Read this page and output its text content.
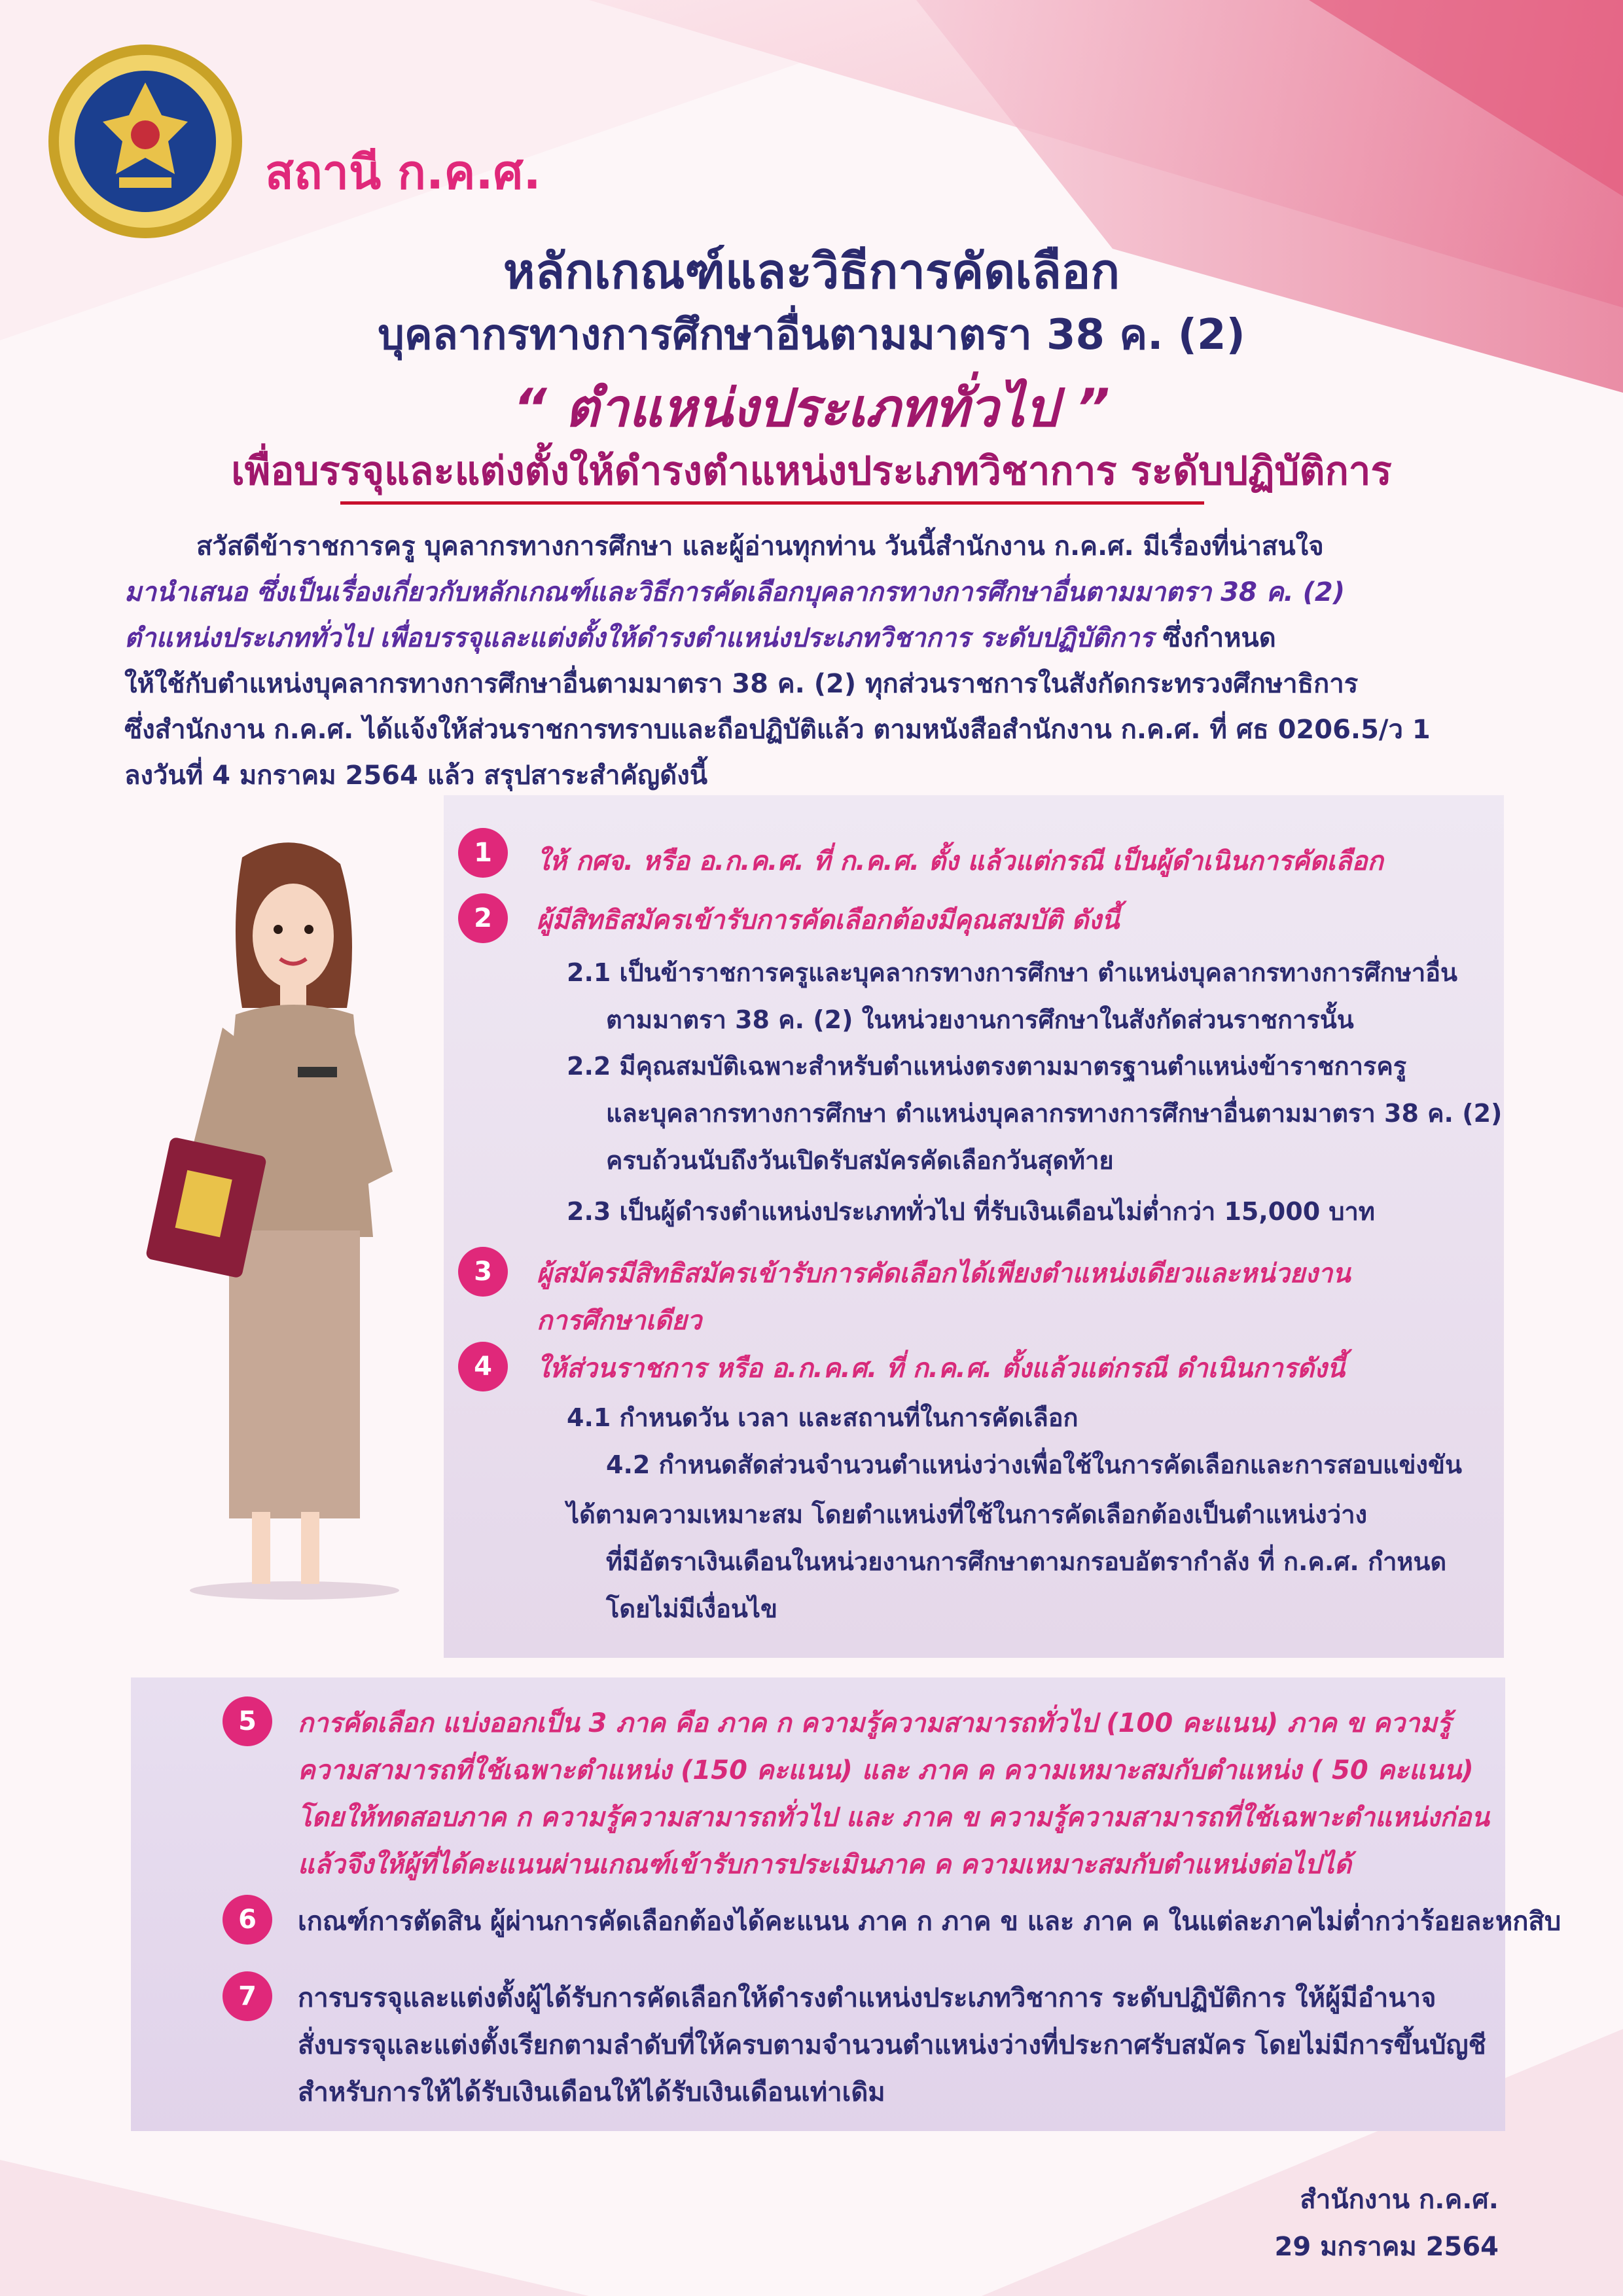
สถานี ก.ค.ศ.
หลักเกณฑ์และวิธีการคัดเลือก
บุคลากรทางการศึกษาอื่นตามมาตรา 38 ค. (2)
“ ตำแหน่งประเภททั่วไป ”
เพื่อบรรจุและแต่งตั้งให้ดำรงตำแหน่งประเภทวิชาการ ระดับปฏิบัติการ

สวัสดีข้าราชการครู บุคลากรทางการศึกษา และผู้อ่านทุกท่าน วันนี้สำนักงาน ก.ค.ศ. มีเรื่องที่น่าสนใจ

มานำเสนอ ซึ่งเป็นเรื่องเกี่ยวกับหลักเกณฑ์และวิธีการคัดเลือกบุคลากรทางการศึกษาอื่นตามมาตรา 38 ค. (2)

ตำแหน่งประเภททั่วไป เพื่อบรรจุและแต่งตั้งให้ดำรงตำแหน่งประเภทวิชาการ ระดับปฏิบัติการ ซึ่งกำหนด

ให้ใช้กับตำแหน่งบุคลากรทางการศึกษาอื่นตามมาตรา 38 ค. (2) ทุกส่วนราชการในสังกัดกระทรวงศึกษาธิการ

ซึ่งสำนักงาน ก.ค.ศ. ได้แจ้งให้ส่วนราชการทราบและถือปฏิบัติแล้ว ตามหนังสือสำนักงาน ก.ค.ศ. ที่ ศธ 0206.5/ว 1

ลงวันที่ 4 มกราคม 2564 แล้ว สรุปสาระสำคัญดังนี้

1	ให้ กศจ. หรือ อ.ก.ค.ศ. ที่ ก.ค.ศ. ตั้ง แล้วแต่กรณี เป็นผู้ดำเนินการคัดเลือก
2	ผู้มีสิทธิสมัครเข้ารับการคัดเลือกต้องมีคุณสมบัติ ดังนี้
2.1 เป็นข้าราชการครูและบุคลากรทางการศึกษา ตำแหน่งบุคลากรทางการศึกษาอื่น
ตามมาตรา 38 ค. (2) ในหน่วยงานการศึกษาในสังกัดส่วนราชการนั้น
2.2 มีคุณสมบัติเฉพาะสำหรับตำแหน่งตรงตามมาตรฐานตำแหน่งข้าราชการครู
และบุคลากรทางการศึกษา ตำแหน่งบุคลากรทางการศึกษาอื่นตามมาตรา 38 ค. (2)
ครบถ้วนนับถึงวันเปิดรับสมัครคัดเลือกวันสุดท้าย
2.3 เป็นผู้ดำรงตำแหน่งประเภททั่วไป ที่รับเงินเดือนไม่ต่ำกว่า 15,000 บาท
3	ผู้สมัครมีสิทธิสมัครเข้ารับการคัดเลือกได้เพียงตำแหน่งเดียวและหน่วยงาน
การศึกษาเดียว
4	ให้ส่วนราชการ หรือ อ.ก.ค.ศ. ที่ ก.ค.ศ. ตั้งแล้วแต่กรณี ดำเนินการดังนี้
4.1 กำหนดวัน เวลา และสถานที่ในการคัดเลือก
4.2 กำหนดสัดส่วนจำนวนตำแหน่งว่างเพื่อใช้ในการคัดเลือกและการสอบแข่งขัน
ได้ตามความเหมาะสม โดยตำแหน่งที่ใช้ในการคัดเลือกต้องเป็นตำแหน่งว่าง
ที่มีอัตราเงินเดือนในหน่วยงานการศึกษาตามกรอบอัตรากำลัง ที่ ก.ค.ศ. กำหนด
โดยไม่มีเงื่อนไข
5	การคัดเลือก แบ่งออกเป็น 3 ภาค คือ ภาค ก ความรู้ความสามารถทั่วไป (100 คะแนน) ภาค ข ความรู้
ความสามารถที่ใช้เฉพาะตำแหน่ง (150 คะแนน) และ ภาค ค ความเหมาะสมกับตำแหน่ง ( 50 คะแนน)
โดยให้ทดสอบภาค ก ความรู้ความสามารถทั่วไป และ ภาค ข ความรู้ความสามารถที่ใช้เฉพาะตำแหน่งก่อน
แล้วจึงให้ผู้ที่ได้คะแนนผ่านเกณฑ์เข้ารับการประเมินภาค ค ความเหมาะสมกับตำแหน่งต่อไปได้
6	เกณฑ์การตัดสิน ผู้ผ่านการคัดเลือกต้องได้คะแนน ภาค ก ภาค ข และ ภาค ค ในแต่ละภาคไม่ต่ำกว่าร้อยละหกสิบ
7	การบรรจุและแต่งตั้งผู้ได้รับการคัดเลือกให้ดำรงตำแหน่งประเภทวิชาการ ระดับปฏิบัติการ ให้ผู้มีอำนาจ
สั่งบรรจุและแต่งตั้งเรียกตามลำดับที่ให้ครบตามจำนวนตำแหน่งว่างที่ประกาศรับสมัคร โดยไม่มีการขึ้นบัญชี
สำหรับการให้ได้รับเงินเดือนให้ได้รับเงินเดือนเท่าเดิม
สำนักงาน ก.ค.ศ.
29 มกราคม 2564
